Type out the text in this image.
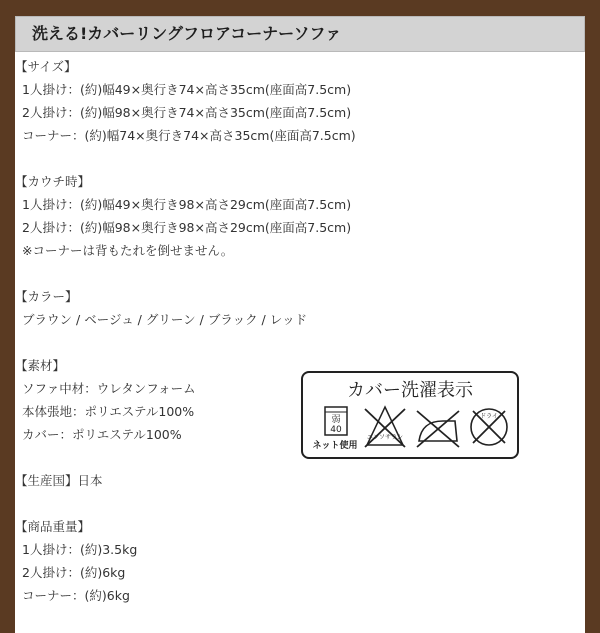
洗える!カバーリングフロアコーナーソファ
【サイズ】
1人掛け：(約)幅49×奥行き74×高さ35cm(座面高7.5cm)
2人掛け：(約)幅98×奥行き74×高さ35cm(座面高7.5cm)
コーナー：(約)幅74×奥行き74×高さ35cm(座面高7.5cm)
【カウチ時】
1人掛け：(約)幅49×奥行き98×高さ29cm(座面高7.5cm)
2人掛け：(約)幅98×奥行き98×高さ29cm(座面高7.5cm)
※コーナーは背もたれを倒せません。
【カラー】
ブラウン / ベージュ / グリーン / ブラック / レッド
【素材】
ソファ中材：ウレタンフォーム
本体張地：ポリエステル100%
カバー：ポリエステル100%
【生産国】日本
【商品重量】
1人掛け：(約)3.5kg
2人掛け：(約)6kg
コーナー：(約)6kg
カバー洗濯表示
弱
40
ネット使用
エンソサラシ
ドライ
